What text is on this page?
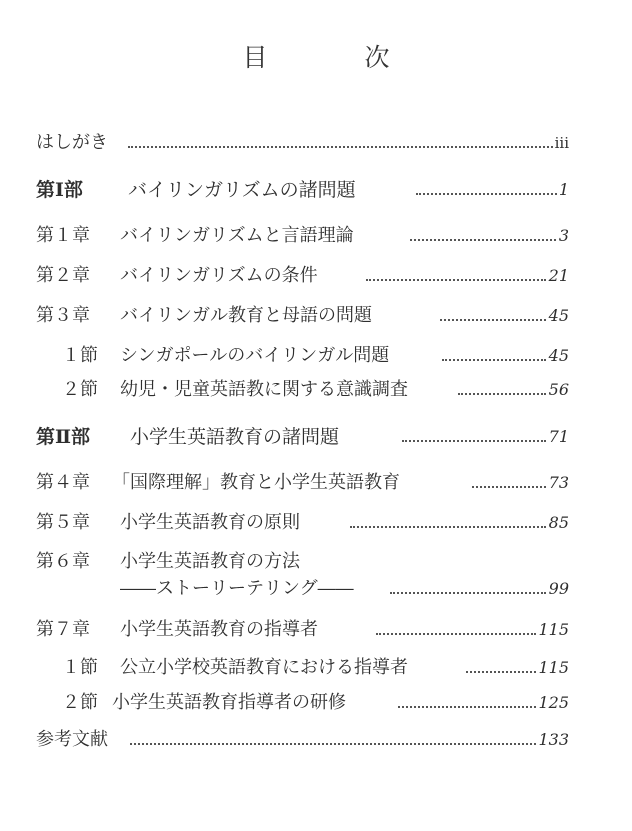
目　次
はしがき	iii
第Ⅰ部 バイリンガリズムの諸問題	1
第１章 バイリンガリズムと言語理論	3
第２章 バイリンガリズムの条件	21
第３章 バイリンガル教育と母語の問題	45
１節 シンガポールのバイリンガル問題	45
２節 幼児・児童英語教に関する意識調査	56
第Ⅱ部 小学生英語教育の諸問題	71
第４章 「国際理解」教育と小学生英語教育	73
第５章 小学生英語教育の原則	85
第６章 小学生英語教育の方法
――ストーリーテリング――	99
第７章 小学生英語教育の指導者	115
１節 公立小学校英語教育における指導者	115
２節 小学生英語教育指導者の研修	125
参考文献	133
